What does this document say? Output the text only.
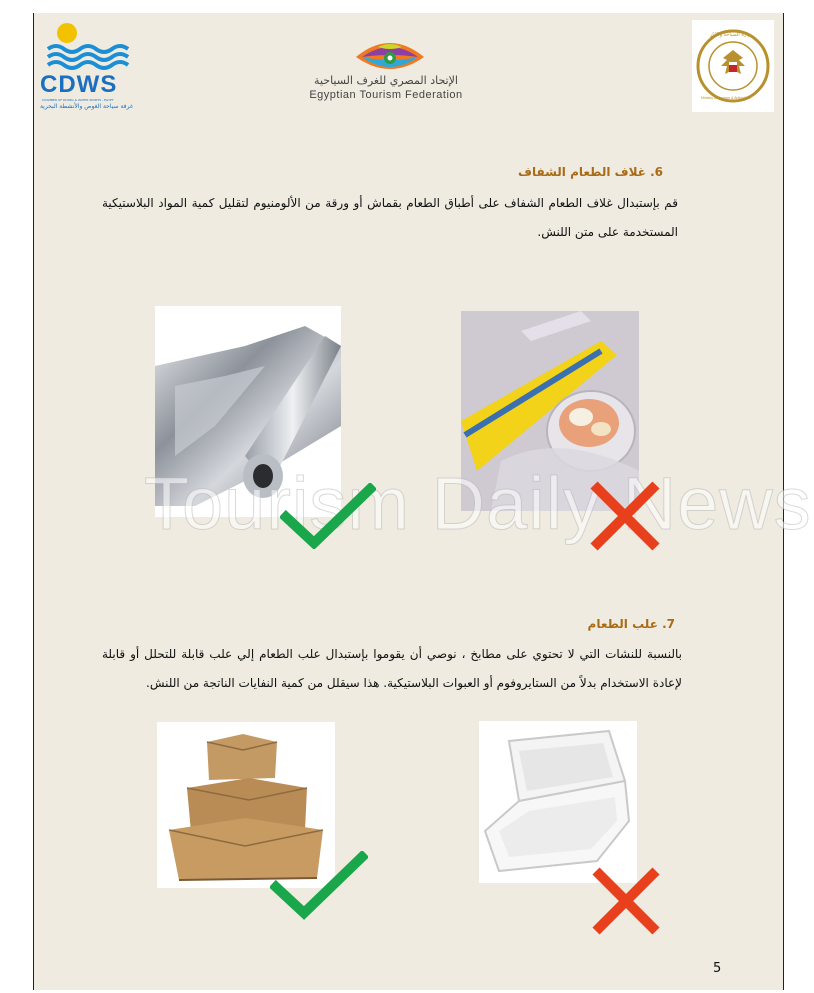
CDWS
CHAMBER OF DIVING & WATER SPORTS - EGYPT
غرفة سياحة الغوص والأنشطة البحرية
الإتحاد المصري للغرف السياحية
Egyptian Tourism Federation
وزارة السياحة والآثار
Ministry of Tourism & Antiquities
6. غلاف الطعام الشفاف
قم بإستبدال غلاف الطعام الشفاف على أطباق الطعام بقماش أو ورقة من الألومنيوم لتقليل كمية المواد البلاستيكية المستخدمة على متن اللنش.
Tourism Daily News
7. علب الطعام
بالنسبة للنشات التي لا تحتوي على مطابخ ، نوصي أن يقوموا بإستبدال علب الطعام إلي علب قابلة للتحلل أو قابلة لإعادة الاستخدام بدلاً من الستايروفوم أو العبوات البلاستيكية. هذا سيقلل من كمية النفايات الناتجة من اللنش.
5
